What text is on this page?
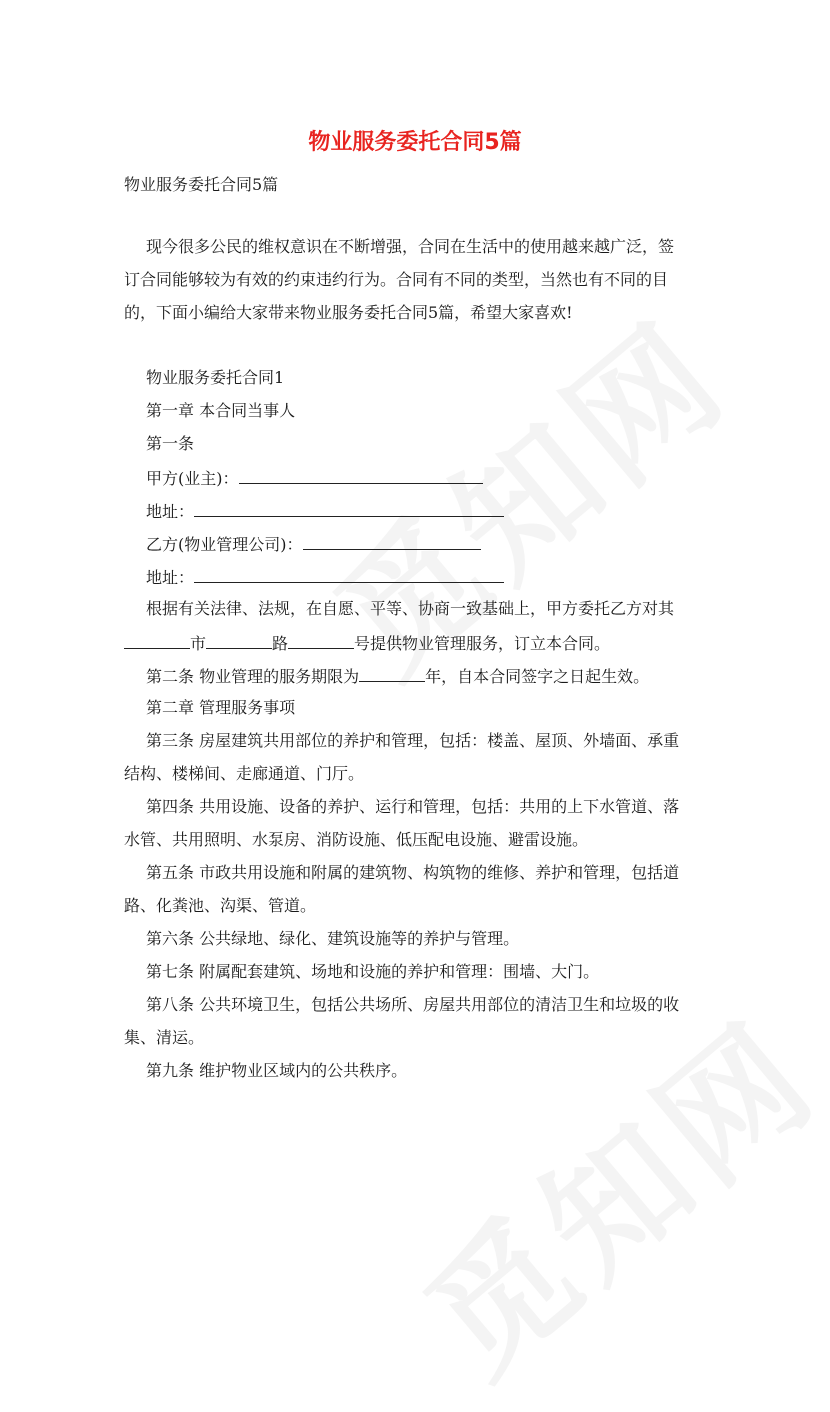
物业服务委托合同5篇
物业服务委托合同5篇
现今很多公民的维权意识在不断增强，合同在生活中的使用越来越广泛，签
订合同能够较为有效的约束违约行为。合同有不同的类型，当然也有不同的目
的，下面小编给大家带来物业服务委托合同5篇，希望大家喜欢!
物业服务委托合同1
第一章 本合同当事人
第一条
甲方(业主)：
地址：
乙方(物业管理公司)：
地址：
根据有关法律、法规，在自愿、平等、协商一致基础上，甲方委托乙方对其
市	路	号提供物业管理服务，订立本合同。
第二条 物业管理的服务期限为	年，自本合同签字之日起生效。
第二章 管理服务事项
第三条 房屋建筑共用部位的养护和管理，包括：楼盖、屋顶、外墙面、承重
结构、楼梯间、走廊通道、门厅。
第四条 共用设施、设备的养护、运行和管理，包括：共用的上下水管道、落
水管、共用照明、水泵房、消防设施、低压配电设施、避雷设施。
第五条 市政共用设施和附属的建筑物、构筑物的维修、养护和管理，包括道
路、化粪池、沟渠、管道。
第六条 公共绿地、绿化、建筑设施等的养护与管理。
第七条 附属配套建筑、场地和设施的养护和管理：围墙、大门。
第八条 公共环境卫生，包括公共场所、房屋共用部位的清洁卫生和垃圾的收
集、清运。
第九条 维护物业区域内的公共秩序。
